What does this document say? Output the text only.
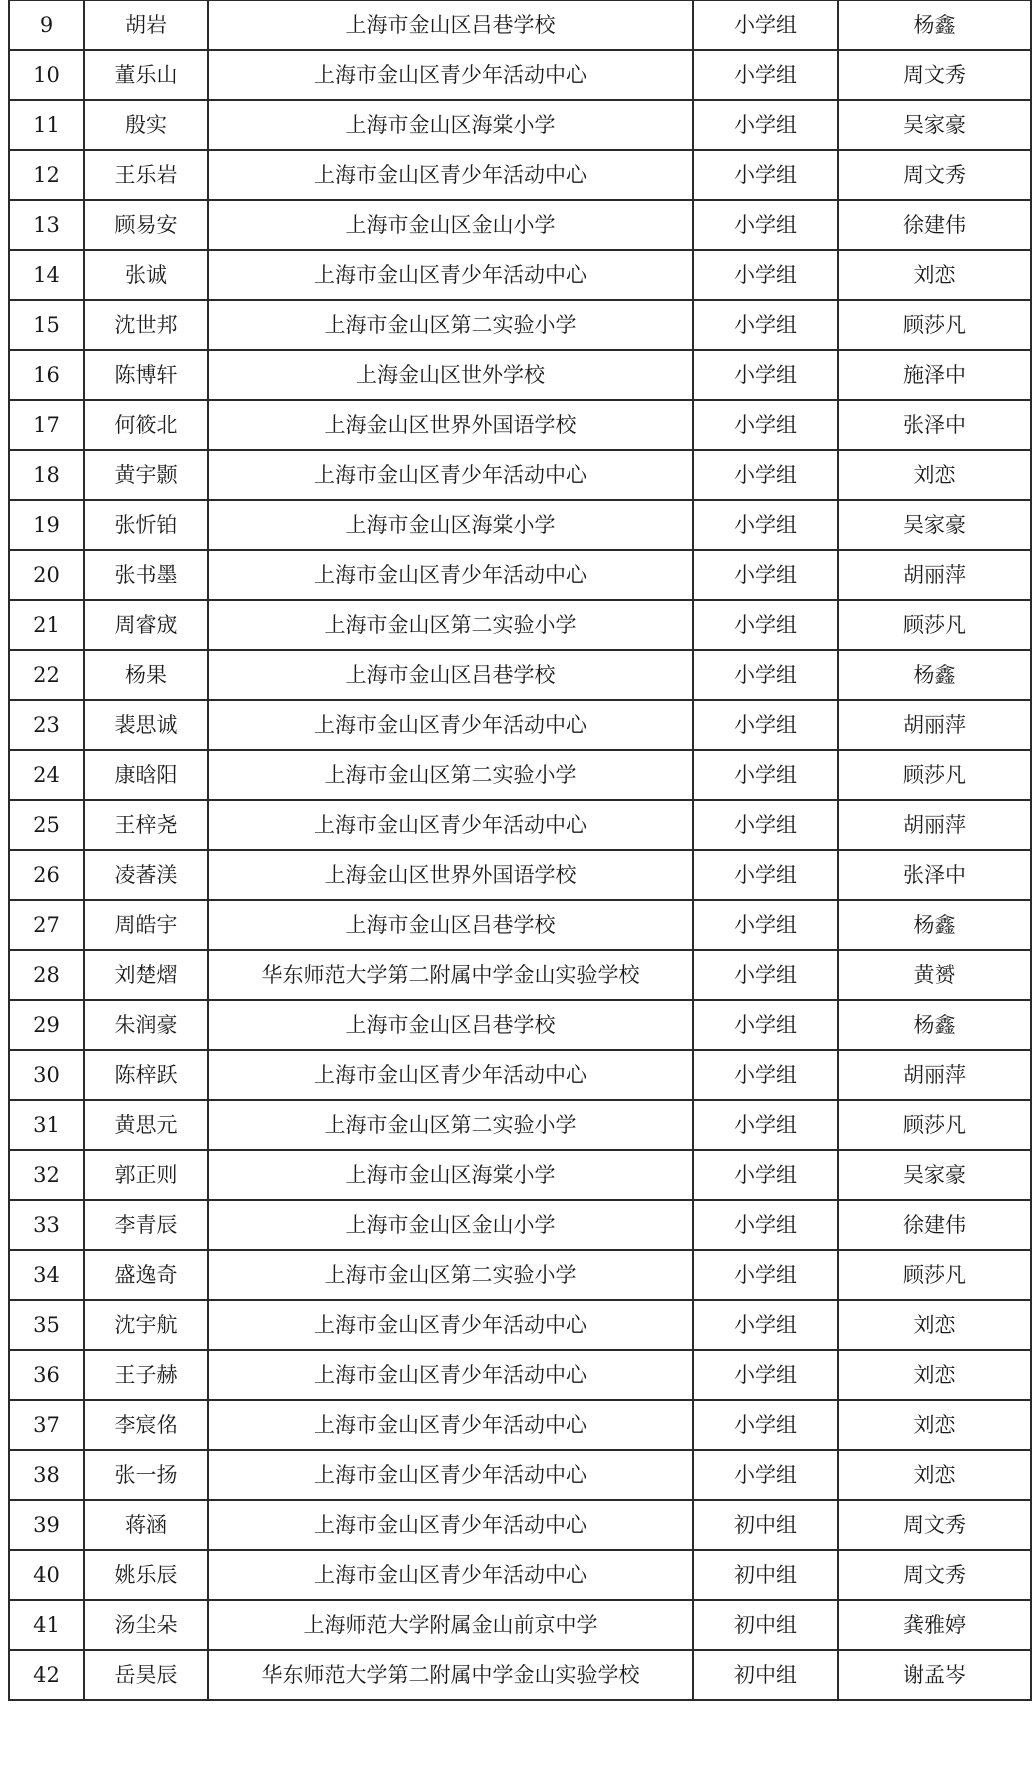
9	胡岩	上海市金山区吕巷学校	小学组	杨鑫
10	董乐山	上海市金山区青少年活动中心	小学组	周文秀
11	殷实	上海市金山区海棠小学	小学组	吴家豪
12	王乐岩	上海市金山区青少年活动中心	小学组	周文秀
13	顾易安	上海市金山区金山小学	小学组	徐建伟
14	张诚	上海市金山区青少年活动中心	小学组	刘恋
15	沈世邦	上海市金山区第二实验小学	小学组	顾莎凡
16	陈博轩	上海金山区世外学校	小学组	施泽中
17	何筱北	上海金山区世界外国语学校	小学组	张泽中
18	黄宇颢	上海市金山区青少年活动中心	小学组	刘恋
19	张忻铂	上海市金山区海棠小学	小学组	吴家豪
20	张书墨	上海市金山区青少年活动中心	小学组	胡丽萍
21	周睿宬	上海市金山区第二实验小学	小学组	顾莎凡
22	杨果	上海市金山区吕巷学校	小学组	杨鑫
23	裴思诚	上海市金山区青少年活动中心	小学组	胡丽萍
24	康晗阳	上海市金山区第二实验小学	小学组	顾莎凡
25	王梓尧	上海市金山区青少年活动中心	小学组	胡丽萍
26	凌萫渼	上海金山区世界外国语学校	小学组	张泽中
27	周皓宇	上海市金山区吕巷学校	小学组	杨鑫
28	刘楚熠	华东师范大学第二附属中学金山实验学校	小学组	黄赟
29	朱润豪	上海市金山区吕巷学校	小学组	杨鑫
30	陈梓跃	上海市金山区青少年活动中心	小学组	胡丽萍
31	黄思元	上海市金山区第二实验小学	小学组	顾莎凡
32	郭正则	上海市金山区海棠小学	小学组	吴家豪
33	李青辰	上海市金山区金山小学	小学组	徐建伟
34	盛逸奇	上海市金山区第二实验小学	小学组	顾莎凡
35	沈宇航	上海市金山区青少年活动中心	小学组	刘恋
36	王子赫	上海市金山区青少年活动中心	小学组	刘恋
37	李宸佲	上海市金山区青少年活动中心	小学组	刘恋
38	张一扬	上海市金山区青少年活动中心	小学组	刘恋
39	蒋涵	上海市金山区青少年活动中心	初中组	周文秀
40	姚乐辰	上海市金山区青少年活动中心	初中组	周文秀
41	汤尘朵	上海师范大学附属金山前京中学	初中组	龚雅婷
42	岳昊辰	华东师范大学第二附属中学金山实验学校	初中组	谢孟岑
